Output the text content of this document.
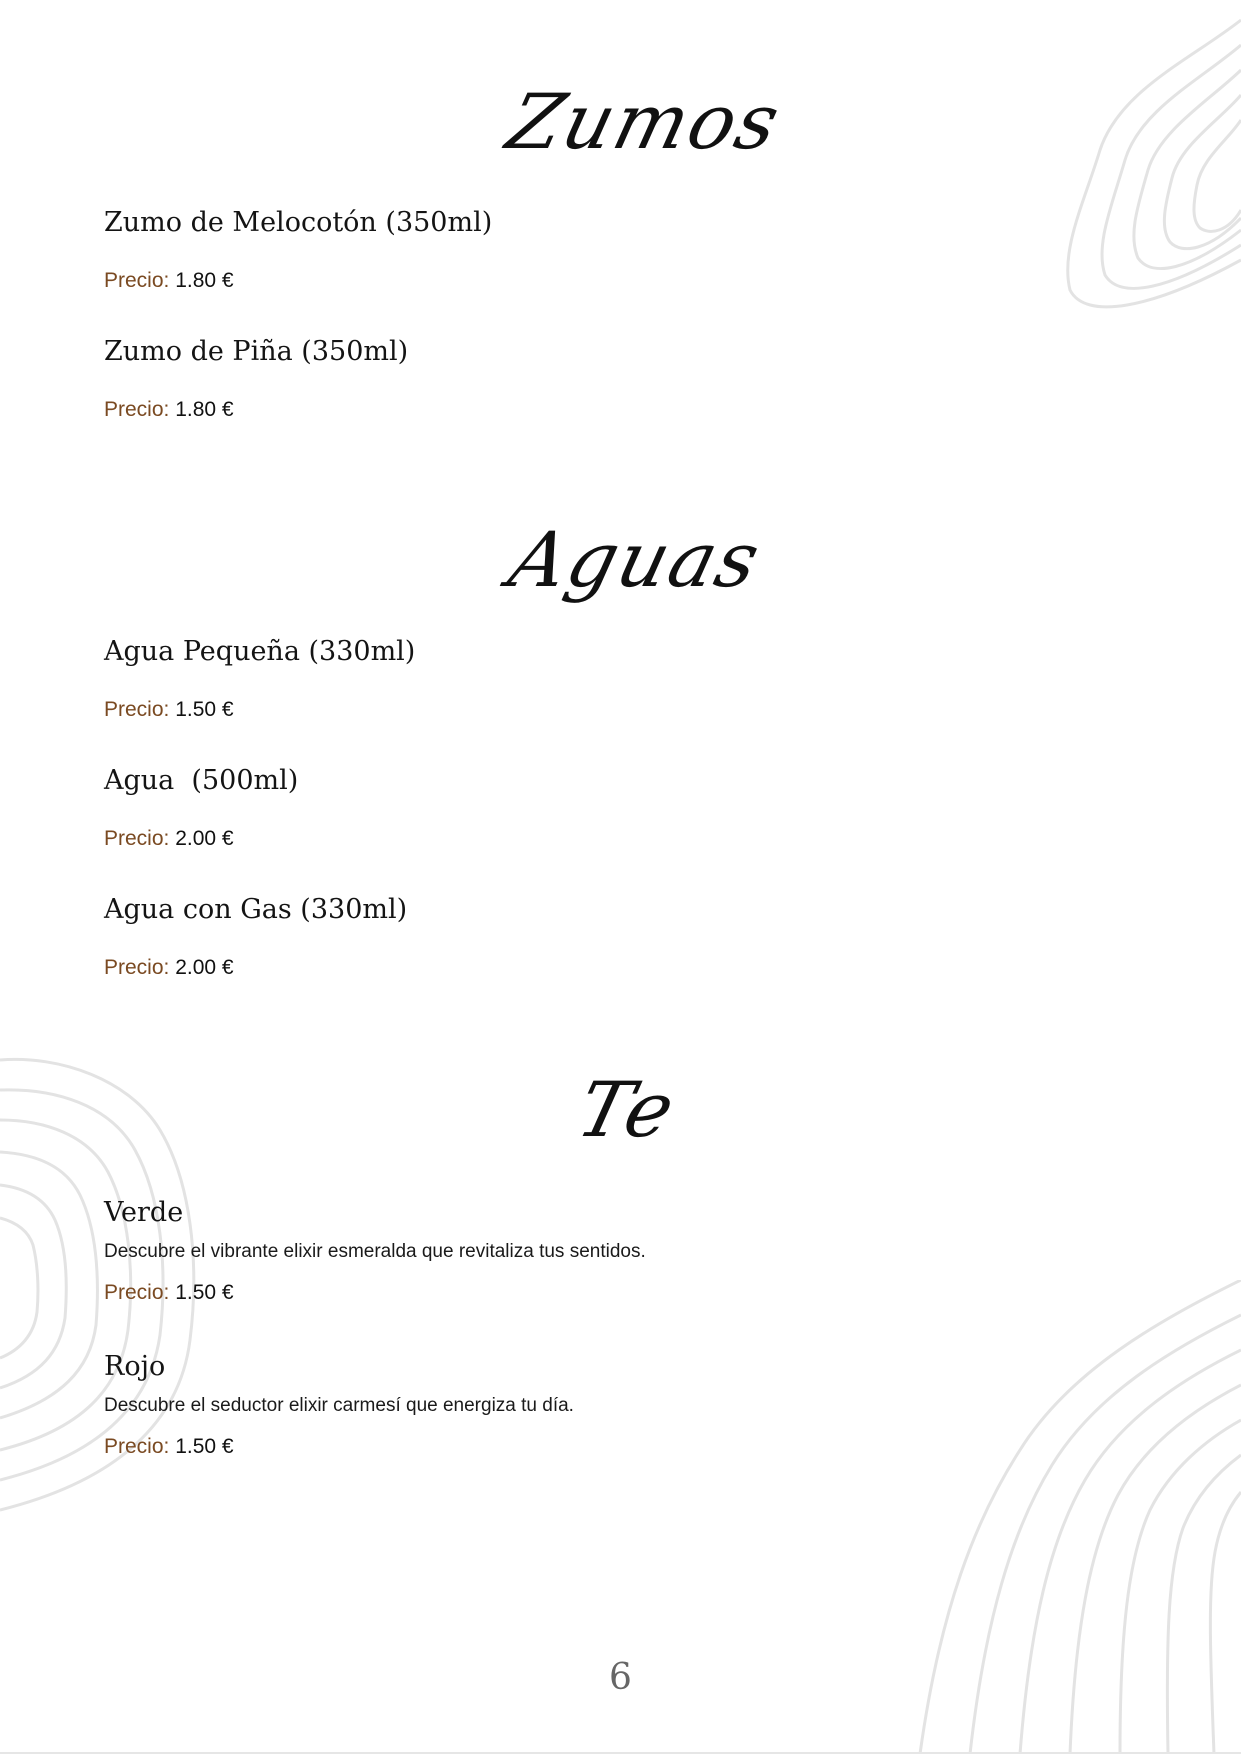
Zumos
Zumo de Melocotón (350ml)
Precio: 1.80 €
Zumo de Piña (350ml)
Precio: 1.80 €
Aguas
Agua Pequeña (330ml)
Precio: 1.50 €
Agua  (500ml)
Precio: 2.00 €
Agua con Gas (330ml)
Precio: 2.00 €
Te
Verde
Descubre el vibrante elixir esmeralda que revitaliza tus sentidos.
Precio: 1.50 €
Rojo
Descubre el seductor elixir carmesí que energiza tu día.
Precio: 1.50 €
6
